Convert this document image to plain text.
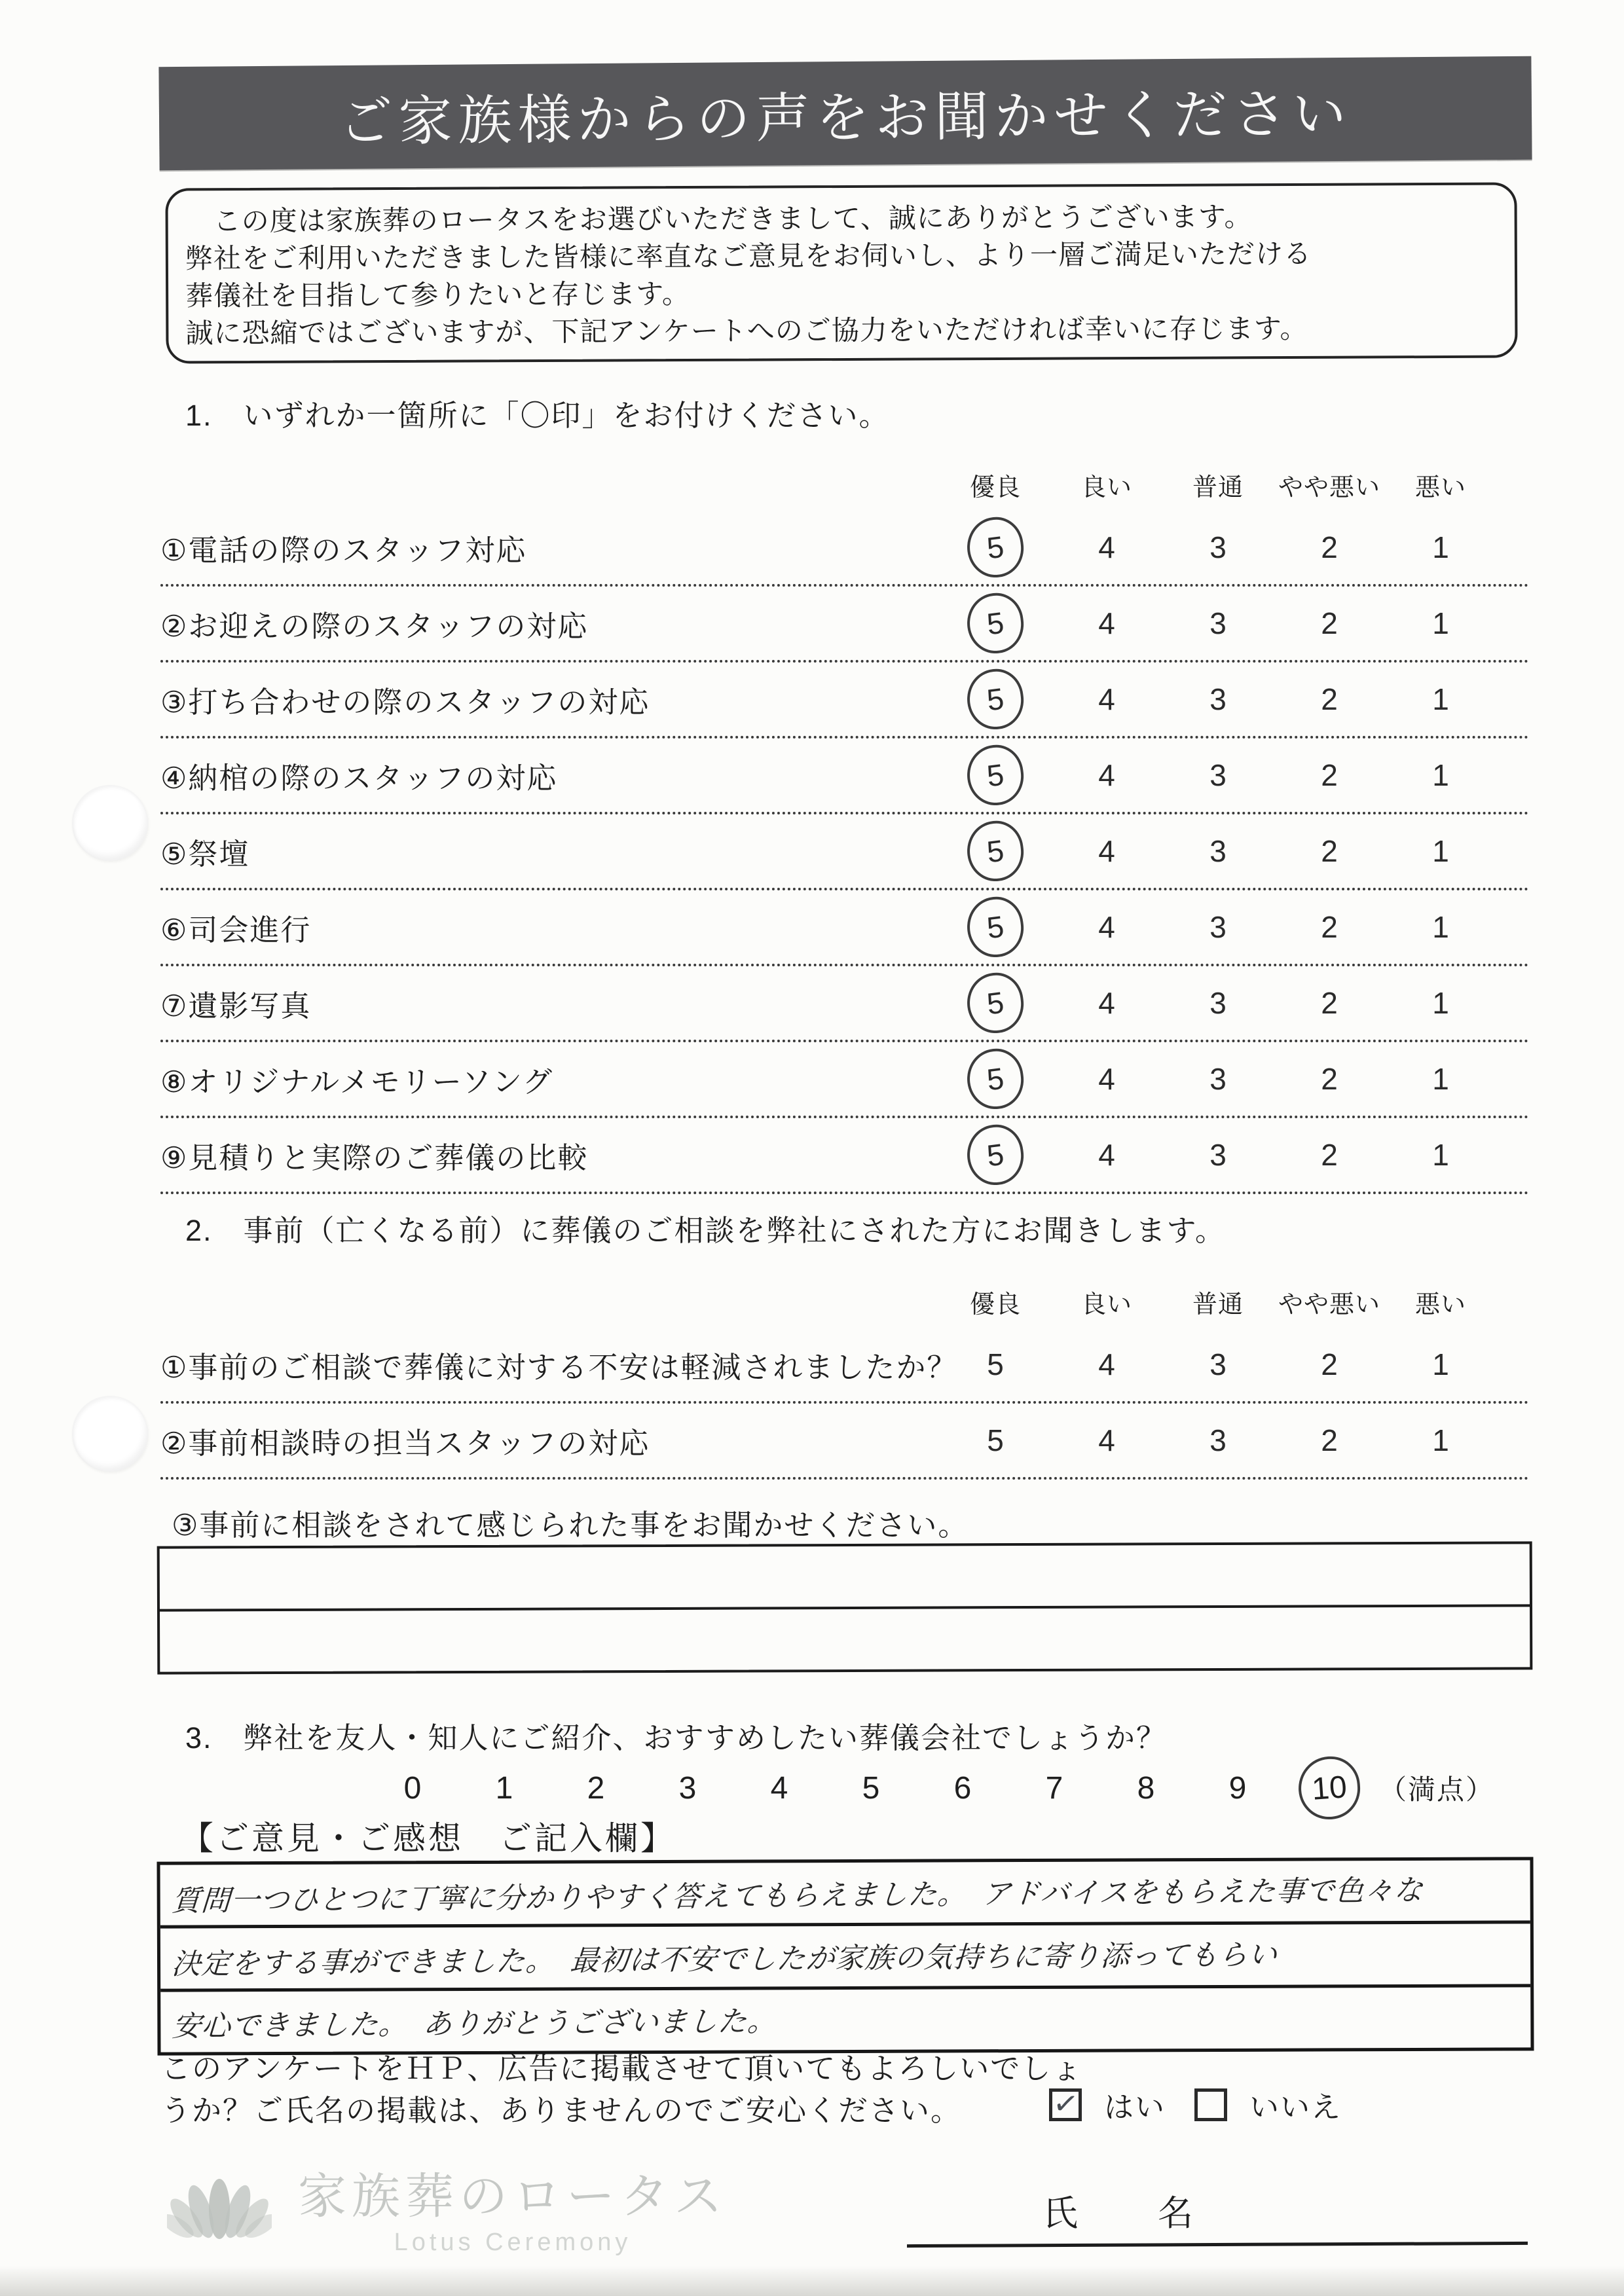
ご家族様からの声をお聞かせください
　この度は家族葬のロータスをお選びいただきまして、誠にありがとうございます。
弊社をご利用いただきました皆様に率直なご意見をお伺いし、より一層ご満足いただける
葬儀社を目指して参りたいと存じます。
誠に恐縮ではございますが、下記アンケートへのご協力をいただければ幸いに存じます。
1.　いずれか一箇所に「〇印」をお付けください。
優良	良い	普通	やや悪い	悪い
①電話の際のスタッフ対応	5	4	3	2	1
②お迎えの際のスタッフの対応	5	4	3	2	1
③打ち合わせの際のスタッフの対応	5	4	3	2	1
④納棺の際のスタッフの対応	5	4	3	2	1
⑤祭壇	5	4	3	2	1
⑥司会進行	5	4	3	2	1
⑦遺影写真	5	4	3	2	1
⑧オリジナルメモリーソング	5	4	3	2	1
⑨見積りと実際のご葬儀の比較	5	4	3	2	1
2.　事前（亡くなる前）に葬儀のご相談を弊社にされた方にお聞きします。
優良	良い	普通	やや悪い	悪い
①事前のご相談で葬儀に対する不安は軽減されましたか？ 5	4	3	2	1
②事前相談時の担当スタッフの対応	5	4	3	2	1
③事前に相談をされて感じられた事をお聞かせください。
3.　弊社を友人・知人にご紹介、おすすめしたい葬儀会社でしょうか？
0	1	2	3	4	5	6	7	8	9	10 （満点）
【ご意見・ご感想　ご記入欄】
質問一つひとつに丁寧に分かりやすく答えてもらえました。　アドバイスをもらえた事で色々な
決定をする事ができました。　最初は不安でしたが家族の気持ちに寄り添ってもらい
安心できました。　ありがとうございました。
このアンケートをＨＰ、広告に掲載させて頂いてもよろしいでしょ
うか？ご氏名の掲載は、ありませんのでご安心ください。	✓ はい	いいえ
家族葬のロータス
Lotus Ceremony
氏　名
